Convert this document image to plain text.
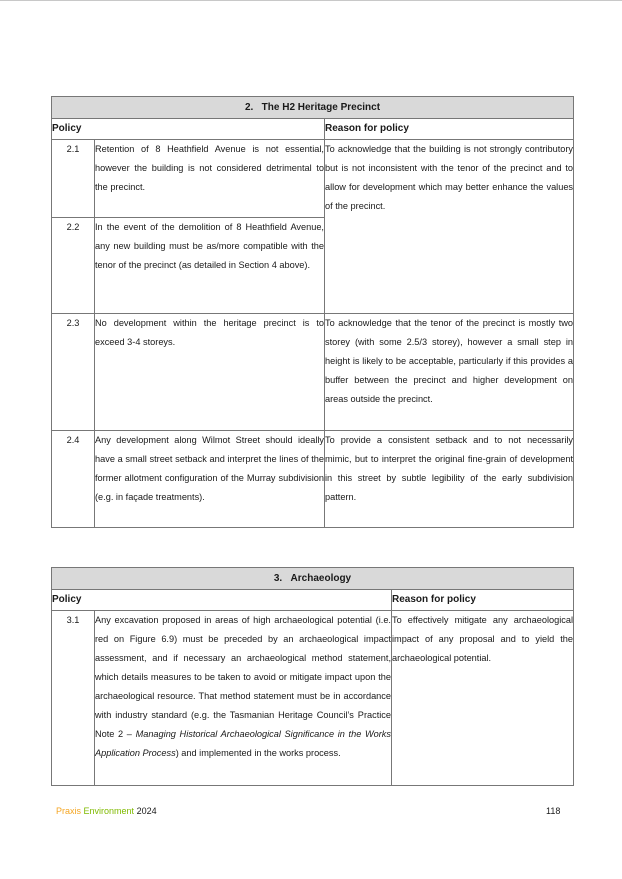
2.   The H2 Heritage Precinct		
Policy		Reason for policy
2.1	Retention of 8 Heathfield Avenue is not essential, however the building is not considered detrimental to the precinct.	To acknowledge that the building is not strongly contributory but is not inconsistent with the tenor of the precinct and to allow for development which may better enhance the values of the precinct.
2.2	In the event of the demolition of 8 Heathfield Avenue, any new building must be as/more compatible with the tenor of the precinct (as detailed in Section 4 above).	
2.3	No development within the heritage precinct is to exceed 3-4 storeys.	To acknowledge that the tenor of the precinct is mostly two storey (with some 2.5/3 storey), however a small step in height is likely to be acceptable, particularly if this provides a buffer between the precinct and higher development on areas outside the precinct.
2.4	Any development along Wilmot Street should ideally have a small street setback and interpret the lines of the former allotment configuration of the Murray subdivision (e.g. in façade treatments).	To provide a consistent setback and to not necessarily mimic, but to interpret the original fine-grain of development in this street by subtle legibility of the early subdivision pattern.
3.   Archaeology		
Policy		Reason for policy
3.1	Any excavation proposed in areas of high archaeological potential (i.e. red on Figure 6.9) must be preceded by an archaeological impact assessment, and if necessary an archaeological method statement, which details measures to be taken to avoid or mitigate impact upon the archaeological resource. That method statement must be in accordance with industry standard (e.g. the Tasmanian Heritage Council’s Practice Note 2 – Managing Historical Archaeological Significance in the Works Application Process) and implemented in the works process.	To effectively mitigate any archaeological impact of any proposal and to yield the archaeological potential.
Praxis Environment 2024	118
